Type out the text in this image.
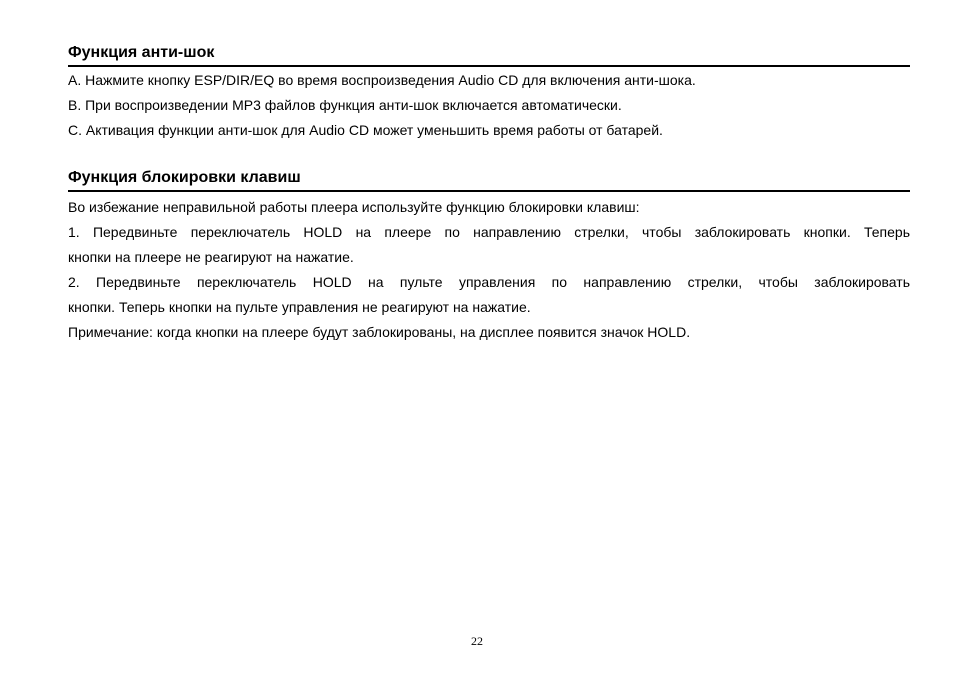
Функция анти-шок

A. Нажмите кнопку ESP/DIR/EQ во время воспроизведения Audio CD для включения анти-шока.

B. При воспроизведении MP3 файлов функция анти-шок включается автоматически.

C. Активация функции анти-шок для Audio CD может уменьшить время работы от батарей.

Функция блокировки клавиш

Во избежание неправильной работы плеера используйте функцию блокировки клавиш:

1. Передвиньте переключатель HOLD на плеере по направлению стрелки, чтобы заблокировать кнопки. Теперь

кнопки на плеере не реагируют на нажатие.

2. Передвиньте переключатель HOLD на пульте управления по направлению стрелки, чтобы заблокировать

кнопки. Теперь кнопки на пульте управления не реагируют на нажатие.

Примечание: когда кнопки на плеере будут заблокированы, на дисплее появится значок HOLD.

22
